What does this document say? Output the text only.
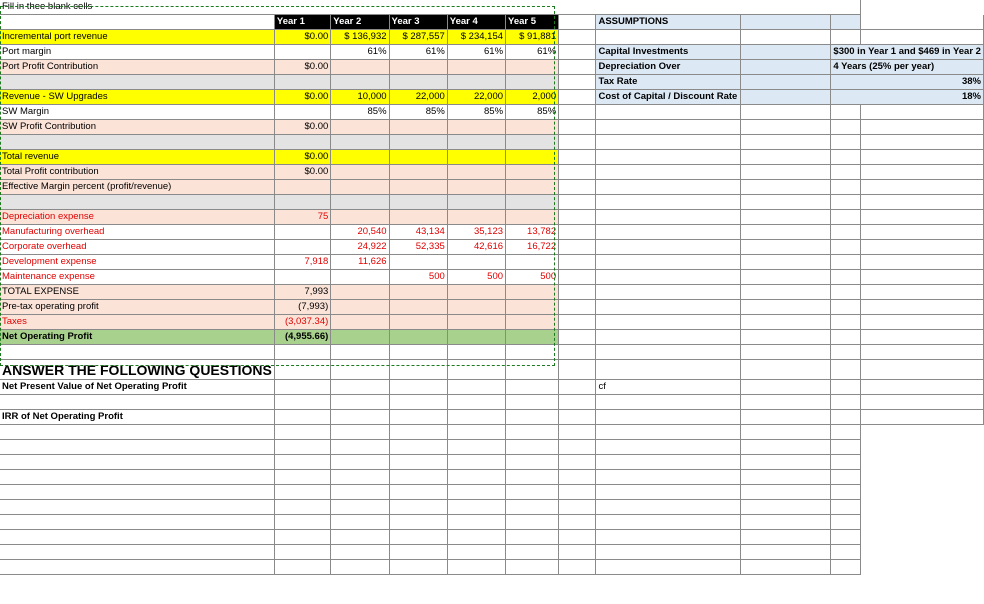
Fill in thee blank cells										
	Year 1	Year 2	Year 3	Year 4	Year 5		ASSUMPTIONS			
Incremental port revenue	$0.00	$ 136,932	$ 287,557	$ 234,154	$ 91,881					
Port margin		61%	61%	61%	61%		Capital Investments		$300 in Year 1 and $469 in Year 2	
Port Profit Contribution	$0.00						Depreciation Over		4 Years (25% per year)	
							Tax Rate		38%	
Revenue - SW Upgrades	$0.00	10,000	22,000	22,000	2,000		Cost of Capital / Discount Rate		18%	
SW Margin		85%	85%	85%	85%					
SW Profit Contribution	$0.00									

Total revenue	$0.00									
Total Profit contribution	$0.00									
Effective Margin percent (profit/revenue)										

Depreciation expense	75									
Manufacturing overhead		20,540	43,134	35,123	13,782					
Corporate overhead		24,922	52,335	42,616	16,722					
Development expense	7,918	11,626								
Maintenance expense			500	500	500					
TOTAL EXPENSE	7,993									
Pre-tax operating profit	(7,993)									
Taxes	(3,037.34)									
Net Operating Profit	(4,955.66)									

ANSWER THE FOLLOWING QUESTIONS										
Net Present Value of Net Operating Profit							cf			

IRR of Net Operating Profit										
